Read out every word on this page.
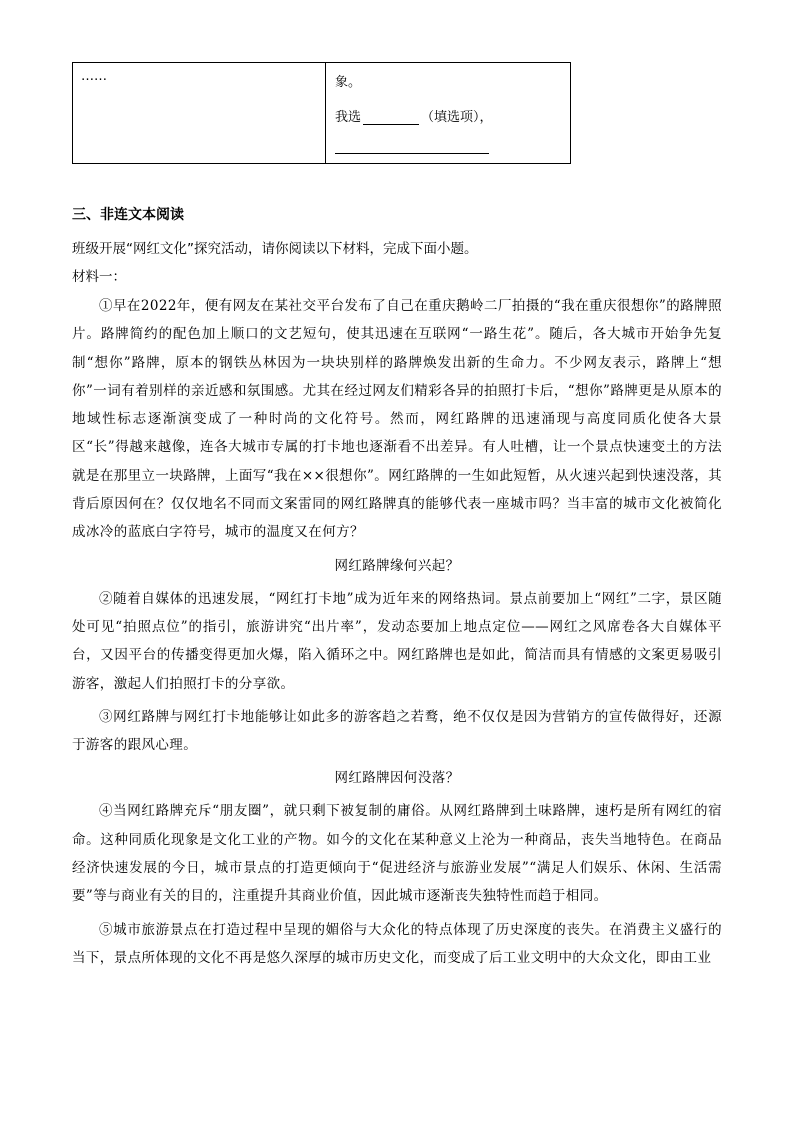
……	象。
我选	（填选项），
三、非连文本阅读
班级开展“网红文化”探究活动，请你阅读以下材料，完成下面小题。
材料一：

①早在2022年，便有网友在某社交平台发布了自己在重庆鹅岭二厂拍摄的“我在重庆很想你”的路牌照片。路牌简约的配色加上顺口的文艺短句，使其迅速在互联网“一路生花”。随后，各大城市开始争先复制“想你”路牌，原本的钢铁丛林因为一块块别样的路牌焕发出新的生命力。不少网友表示，路牌上“想你”一词有着别样的亲近感和氛围感。尤其在经过网友们精彩各异的拍照打卡后，“想你”路牌更是从原本的地域性标志逐渐演变成了一种时尚的文化符号。然而，网红路牌的迅速涌现与高度同质化使各大景区“长”得越来越像，连各大城市专属的打卡地也逐渐看不出差异。有人吐槽，让一个景点快速变土的方法就是在那里立一块路牌，上面写“我在××很想你”。网红路牌的一生如此短暂，从火速兴起到快速没落，其背后原因何在？仅仅地名不同而文案雷同的网红路牌真的能够代表一座城市吗？当丰富的城市文化被简化成冰冷的蓝底白字符号，城市的温度又在何方？

网红路牌缘何兴起？

②随着自媒体的迅速发展，“网红打卡地”成为近年来的网络热词。景点前要加上“网红”二字，景区随处可见“拍照点位”的指引，旅游讲究“出片率”，发动态要加上地点定位——网红之风席卷各大自媒体平台，又因平台的传播变得更加火爆，陷入循环之中。网红路牌也是如此，简洁而具有情感的文案更易吸引游客，激起人们拍照打卡的分享欲。

③网红路牌与网红打卡地能够让如此多的游客趋之若鹜，绝不仅仅是因为营销方的宣传做得好，还源于游客的跟风心理。

网红路牌因何没落？

④当网红路牌充斥“朋友圈”，就只剩下被复制的庸俗。从网红路牌到土味路牌，速朽是所有网红的宿命。这种同质化现象是文化工业的产物。如今的文化在某种意义上沦为一种商品，丧失当地特色。在商品经济快速发展的今日，城市景点的打造更倾向于“促进经济与旅游业发展”“满足人们娱乐、休闲、生活需要”等与商业有关的目的，注重提升其商业价值，因此城市逐渐丧失独特性而趋于相同。

⑤城市旅游景点在打造过程中呈现的媚俗与大众化的特点体现了历史深度的丧失。在消费主义盛行的当下，景点所体现的文化不再是悠久深厚的城市历史文化，而变成了后工业文明中的大众文化，即由工业
